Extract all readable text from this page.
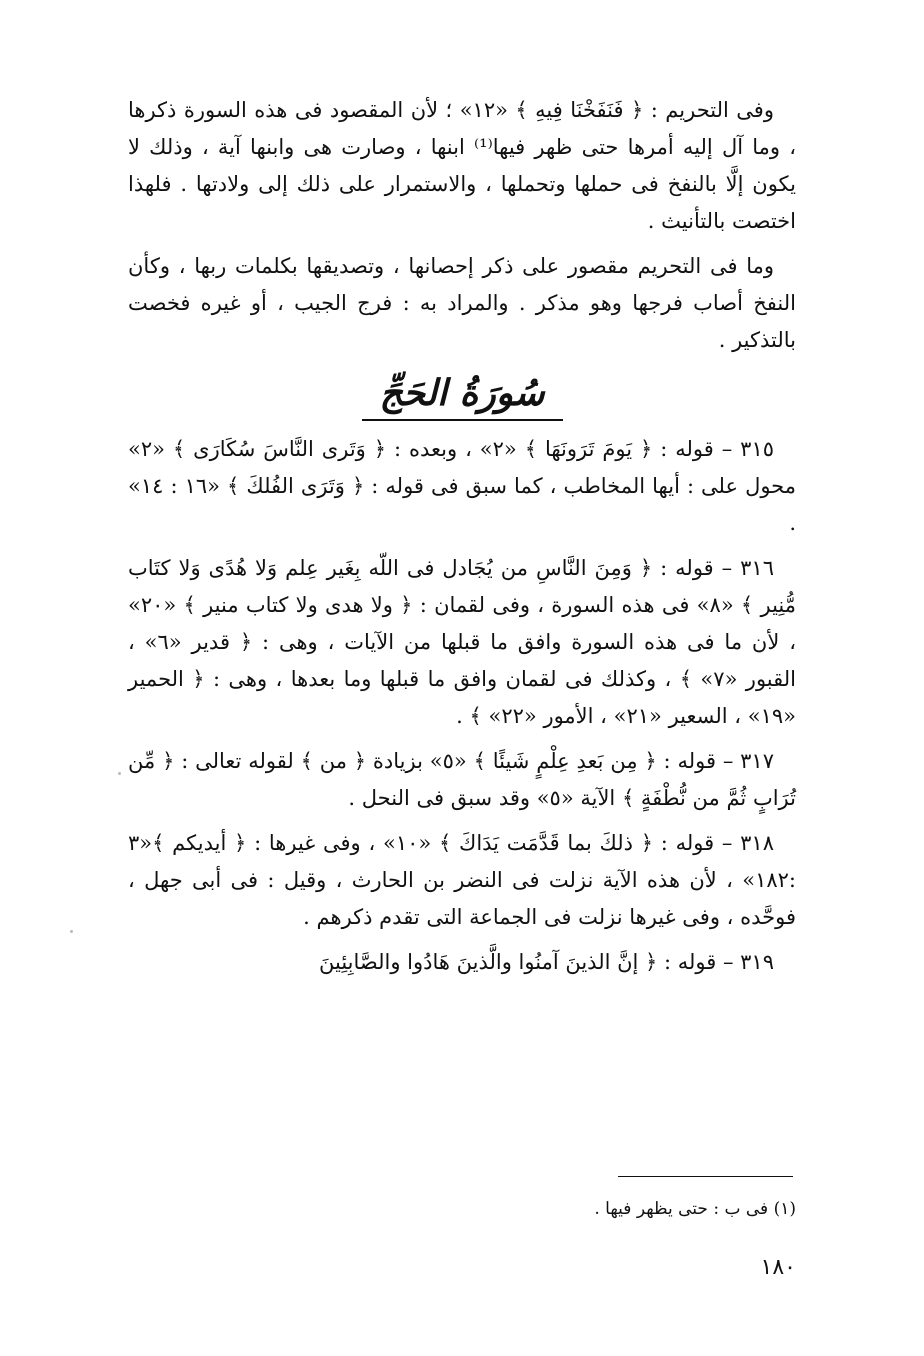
وفى التحريم : ﴿ فَنَفَخْنَا فِيهِ ﴾ «١٢» ؛ لأن المقصود فى هذه السورة ذكرها ، وما آل إليه أمرها حتى ظهر فيها⁽¹⁾ ابنها ، وصارت هى وابنها آية ، وذلك لا يكون إلَّا بالنفخ فى حملها وتحملها ، والاستمرار على ذلك إلى ولادتها . فلهذا اختصت بالتأنيث .

وما فى التحريم مقصور على ذكر إحصانها ، وتصديقها بكلمات ربها ، وكأن النفخ أصاب فرجها وهو مذكر . والمراد به : فرج الجيب ، أو غيره فخصت بالتذكير .

سُورَةُ الحَجِّ

٣١٥ – قوله : ﴿ يَومَ تَرَونَهَا ﴾ «٢» ، وبعده : ﴿ وَتَرى النَّاسَ سُكَارَى ﴾ «٢» محول على : أيها المخاطب ، كما سبق فى قوله : ﴿ وَتَرَى الفُلكَ ﴾ «١٦ : ١٤» .

٣١٦ – قوله : ﴿ وَمِنَ النَّاسِ من يُجَادل فى اللّه بِغَير عِلم وَلا هُدًى وَلا كتَاب مُّنِير ﴾ «٨» فى هذه السورة ، وفى لقمان : ﴿ ولا هدى ولا كتاب منير ﴾ «٢٠» ، لأن ما فى هذه السورة وافق ما قبلها من الآيات ، وهى : ﴿ قدير «٦» ، القبور «٧» ﴾ ، وكذلك فى لقمان وافق ما قبلها وما بعدها ، وهى : ﴿ الحمير «١٩» ، السعير «٢١» ، الأمور «٢٢» ﴾ .

٣١٧ – قوله : ﴿ مِن بَعدِ عِلْمٍ شَيئًا ﴾ «٥» بزيادة ﴿ من ﴾ لقوله تعالى : ﴿ مِّن تُرَابٍ ثُمَّ من نُّطْفَةٍ ﴾ الآية «٥» وقد سبق فى النحل .

٣١٨ – قوله : ﴿ ذلكَ بما قَدَّمَت يَدَاكَ ﴾ «١٠» ، وفى غيرها : ﴿ أيديكم ﴾«٣ :١٨٢» ، لأن هذه الآية نزلت فى النضر بن الحارث ، وقيل : فى أبى جهل ، فوحَّده ، وفى غيرها نزلت فى الجماعة التى تقدم ذكرهم .

٣١٩ – قوله : ﴿ إنَّ الذينَ آمنُوا والَّذينَ هَادُوا والصَّابِئِينَ

(١) فى ب : حتى يظهر فيها .
١٨٠
